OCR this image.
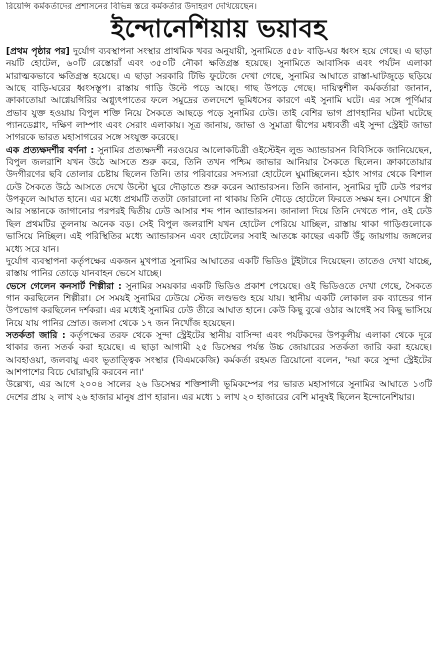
রিয়েন্সি কর্মকর্তাদের প্রশাসনের বিভিন্ন স্তরে কর্মকর্তার উদাহরণ দেখিয়েছেন।
ইন্দোনেশিয়ায় ভয়াবহ

[প্রথম পৃষ্ঠার পর] দুর্যোগ ব্যবস্থাপনা সংস্থার প্রাথমিক খবর অনুযায়ী, সুনামিতে ৫৫৮ বাড়ি-ঘর ধ্বংস হয়ে গেছে। এ ছাড়া নয়টি হোটেল, ৬০টি রেস্তোরাঁ এবং ৩৫০টি নৌকা ক্ষতিগ্রস্ত হয়েছে। সুনামিতে আবাসিক এবং পর্যটন এলাকা মারাত্মকভাবে ক্ষতিগ্রস্ত হয়েছে। এ ছাড়া সরকারি টিভি ফুটেজে দেখা গেছে, সুনামির আঘাতে রাস্তা-ঘাটজুড়ে ছড়িয়ে আছে বাড়ি-ঘরের ধ্বংসস্তূপ। রাস্তায় গাড়ি উল্টে পড়ে আছে। গাছ উপড়ে গেছে। দায়িত্বশীল কর্মকর্তারা জানান, ক্রাকাতোয়া আগ্নেয়গিরির অগ্ন্যুৎপাতের ফলে সমুদ্রের তলদেশে ভূমিধসের কারণে এই সুনামি ঘটে। এর সঙ্গে পূর্ণিমার প্রভাব যুক্ত হওয়ায় বিপুল শক্তি নিয়ে সৈকতে আছড়ে পড়ে সুনামির ঢেউ। তাই বেশির ভাগ প্রাণহানির ঘটনা ঘটেছে প্যানডেগ্লাং, দক্ষিণ লাম্পাং এবং সেরাং এলাকায়। সূত্র জানায়, জাভা ও সুমাত্রা দ্বীপের মধ্যবর্তী এই সুন্দা স্ট্রেইট জাভা সাগরকে ভারত মহাসাগরের সঙ্গে সংযুক্ত করেছে।

এক প্রত্যক্ষদর্শীর বর্ণনা : সুনামির প্রত্যক্ষদর্শী নরওয়ের আলোকচিত্রী ওইস্টেইন লুন্ড অ্যান্ডারসন বিবিসিকে জানিয়েছেন, বিপুল জলরাশি যখন উঠে আসতে শুরু করে, তিনি তখন পশ্চিম জাভার আনিয়ার সৈকতে ছিলেন। ক্রাকাতোয়ার উদগীরণের ছবি তোলার চেষ্টায় ছিলেন তিনি। তার পরিবারের সদস্যরা হোটেলে ঘুমাচ্ছিলেন। হঠাৎ সাগর থেকে বিশাল ঢেউ সৈকতে উঠে আসতে দেখে উল্টো ঘুরে দৌড়াতে শুরু করেন অ্যান্ডারসন। তিনি জানান, সুনামির দুটি ঢেউ পরপর উপকূলে আঘাত হানে। এর মধ্যে প্রথমটি ততটা জোরালো না থাকায় তিনি দৌড়ে হোটেলে ফিরতে সক্ষম হন। সেখানে স্ত্রী আর সন্তানকে জাগানোর পরপরই দ্বিতীয় ঢেউ আসার শব্দ পান অ্যান্ডারসন। জানালা দিয়ে তিনি দেখতে পান, ওই ঢেউ ছিল প্রথমটির তুলনায় অনেক বড়। সেই বিপুল জলরাশি যখন হোটেল পেরিয়ে যাচ্ছিল, রাস্তায় থাকা গাড়িগুলোকে ভাসিয়ে নিচ্ছিল। এই পরিস্থিতির মধ্যে অ্যান্ডারসন এবং হোটেলের সবাই আতঙ্কে কাছের একটি উঁচু জায়গায় জঙ্গলের মধ্যে সরে যান।

দুর্যোগ ব্যবস্থাপনা কর্তৃপক্ষের একজন মুখপাত্র সুনামির আঘাতের একটি ভিডিও টুইটারে দিয়েছেন। তাতেও দেখা যাচ্ছে, রাস্তায় পানির তোড়ে যানবাহন ভেসে যাচ্ছে।

ভেসে গেলেন কনসার্ট শিল্পীরা : সুনামির সময়কার একটি ভিডিও প্রকাশ পেয়েছে। ওই ভিডিওতে দেখা গেছে, সৈকতে গান করছিলেন শিল্পীরা। সে সময়ই সুনামির ঢেউয়ে স্টেজ লণ্ডভণ্ড হয়ে যায়। স্থানীয় একটি লোকাল রক ব্যান্ডের গান উপভোগ করছিলেন দর্শকরা। এর মধ্যেই সুনামির ঢেউ তীরে আঘাত হানে। কেউ কিছু বুঝে ওঠার আগেই সব কিছু ভাসিয়ে নিয়ে যায় পানির স্রোত। জলসা থেকে ১৭ জন নিখোঁজ হয়েছেন।

সতর্কতা জারি : কর্তৃপক্ষের তরফ থেকে সুন্দা স্ট্রেইটের স্থানীয় বাসিন্দা এবং পর্যটকদের উপকূলীয় এলাকা থেকে দূরে থাকার জন্য সতর্ক করা হয়েছে। এ ছাড়া আগামী ২৫ ডিসেম্বর পর্যন্ত উচ্চ জোয়ারের সতর্কতা জারি করা হয়েছে। আবহাওয়া, জলবায়ু এবং ভূতাত্ত্বিক সংস্থার (বিএমকেজি) কর্মকর্তা রহমত ত্রিয়োনো বলেন, 'দয়া করে সুন্দা স্ট্রেইটের আশপাশের বিচে ঘোরাঘুরি করবেন না।'

উল্লেখ্য, এর আগে ২০০৪ সালের ২৬ ডিসেম্বর শক্তিশালী ভূমিকম্পের পর ভারত মহাসাগরে সুনামির আঘাতে ১৩টি দেশের প্রায় ২ লাখ ২৬ হাজার মানুষ প্রাণ হারান। এর মধ্যে ১ লাখ ২০ হাজারের বেশি মানুষই ছিলেন ইন্দোনেশিয়ার।
